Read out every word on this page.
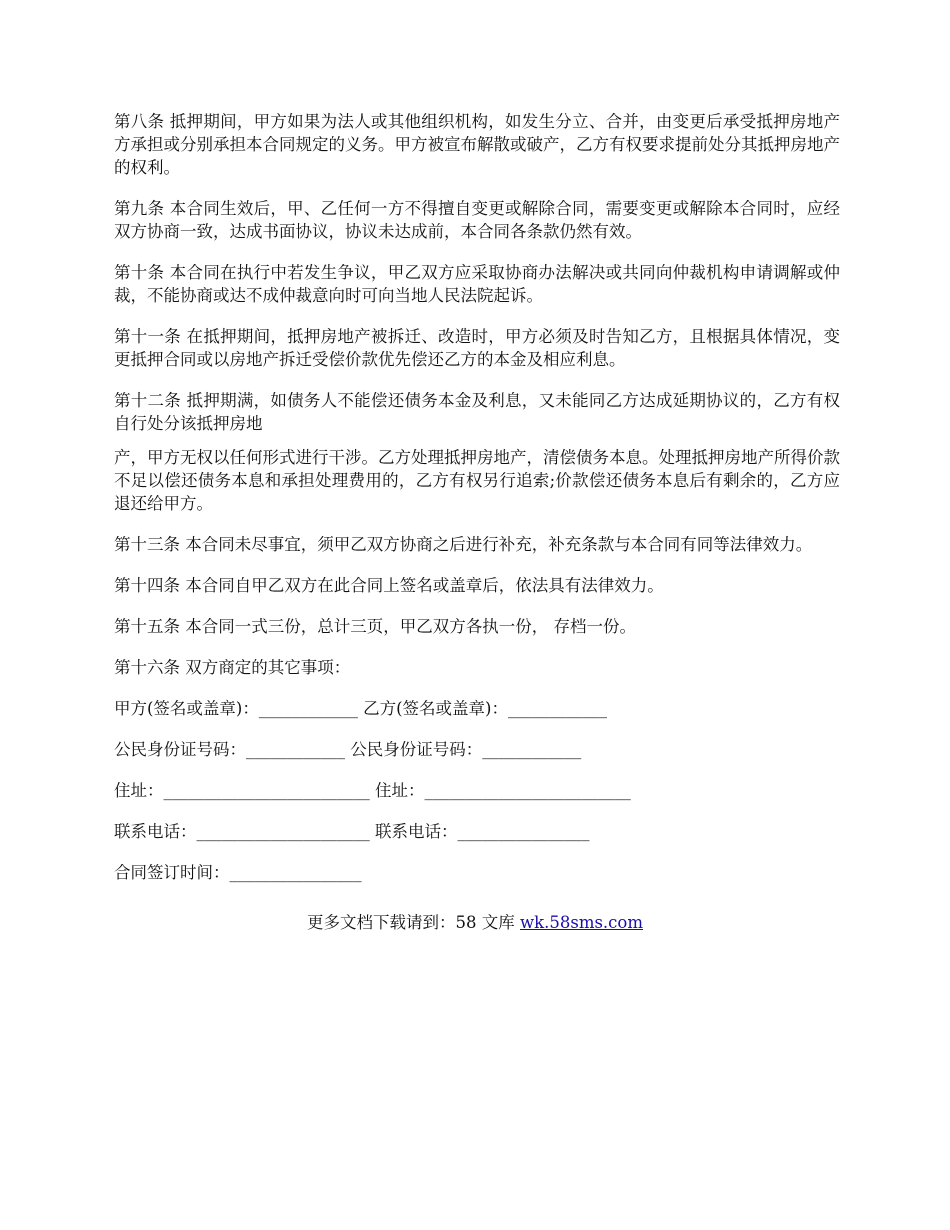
第八条 抵押期间，甲方如果为法人或其他组织机构，如发生分立、合并，由变更后承受抵押房地产方承担或分别承担本合同规定的义务。甲方被宣布解散或破产，乙方有权要求提前处分其抵押房地产的权利。

第九条 本合同生效后，甲、乙任何一方不得擅自变更或解除合同，需要变更或解除本合同时，应经双方协商一致，达成书面协议，协议未达成前，本合同各条款仍然有效。

第十条 本合同在执行中若发生争议，甲乙双方应采取协商办法解决或共同向仲裁机构申请调解或仲裁，不能协商或达不成仲裁意向时可向当地人民法院起诉。

第十一条 在抵押期间，抵押房地产被拆迁、改造时，甲方必须及时告知乙方，且根据具体情况，变更抵押合同或以房地产拆迁受偿价款优先偿还乙方的本金及相应利息。

第十二条 抵押期满，如债务人不能偿还债务本金及利息，又未能同乙方达成延期协议的，乙方有权自行处分该抵押房地

产，甲方无权以任何形式进行干涉。乙方处理抵押房地产，清偿债务本息。处理抵押房地产所得价款不足以偿还债务本息和承担处理费用的，乙方有权另行追索;价款偿还债务本息后有剩余的，乙方应退还给甲方。

第十三条 本合同未尽事宜，须甲乙双方协商之后进行补充，补充条款与本合同有同等法律效力。

第十四条 本合同自甲乙双方在此合同上签名或盖章后，依法具有法律效力。

第十五条 本合同一式三份，总计三页，甲乙双方各执一份， 存档一份。

第十六条 双方商定的其它事项：

甲方(签名或盖章)：____________ 乙方(签名或盖章)：____________
公民身份证号码：____________ 公民身份证号码：____________
住址：_________________________ 住址：_________________________
联系电话：_____________________ 联系电话：________________
合同签订时间：________________
更多文档下载请到：58 文库 wk.58sms.com
